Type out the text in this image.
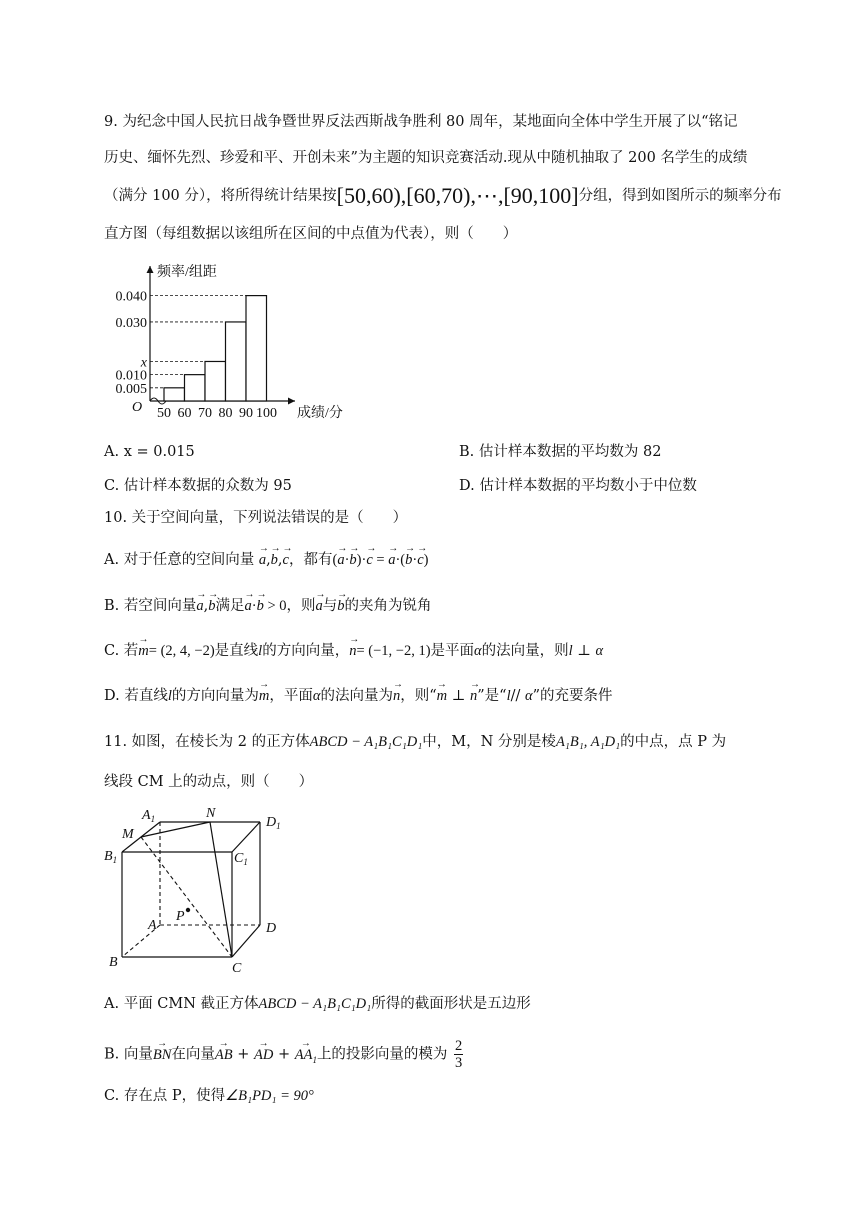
9. 为纪念中国人民抗日战争暨世界反法西斯战争胜利 80 周年，某地面向全体中学生开展了以“铭记
历史、缅怀先烈、珍爱和平、开创未来”为主题的知识竞赛活动.现从中随机抽取了 200 名学生的成绩
（满分 100 分），将所得统计结果按[50,60),[60,70),⋯,[90,100]分组，得到如图所示的频率分布
直方图（每组数据以该组所在区间的中点值为代表），则（　　）
0.005
0.010
x
0.030
0.040
50 60 70 80 90 100
O
频率/组距
成绩/分
A. x = 0.015	B. 估计样本数据的平均数为 82
C. 估计样本数据的众数为 95	D. 估计样本数据的平均数小于中位数
10. 关于空间向量，下列说法错误的是（　　）
A. 对于任意的空间向量 → a,→ b,→ c，都有(→ a·→ b)·→ c = → a·(→ b·→ c)
B. 若空间向量→ a,→ b满足→ a·→ b > 0，则→ a与→ b的夹角为锐角
C. 若→ m= (2, 4, −2)是直线l的方向向量，→ n= (−1, −2, 1)是平面α的法向量，则l ⊥ α
D. 若直线l的方向向量为→ m，平面α的法向量为→ n，则“→ m ⊥ → n”是“l// α”的充要条件
11. 如图，在棱长为 2 的正方体ABCD − A₁B₁C₁D₁中，M，N 分别是棱A₁B₁, A₁D₁的中点，点 P 为
线段 CM 上的动点，则（　　）
$A_1$	N
$D_1$
M
$B_1$	$C_1$
P
A	D
B	C
A. 平面 CMN 截正方体ABCD − A₁B₁C₁D₁所得的截面形状是五边形
B. 向量→ BN在向量→ AB + → AD + → $AA_1$上的投影向量的模为 $\frac{2}{3}$
C. 存在点 P，使得∠B₁PD₁ = 90°
